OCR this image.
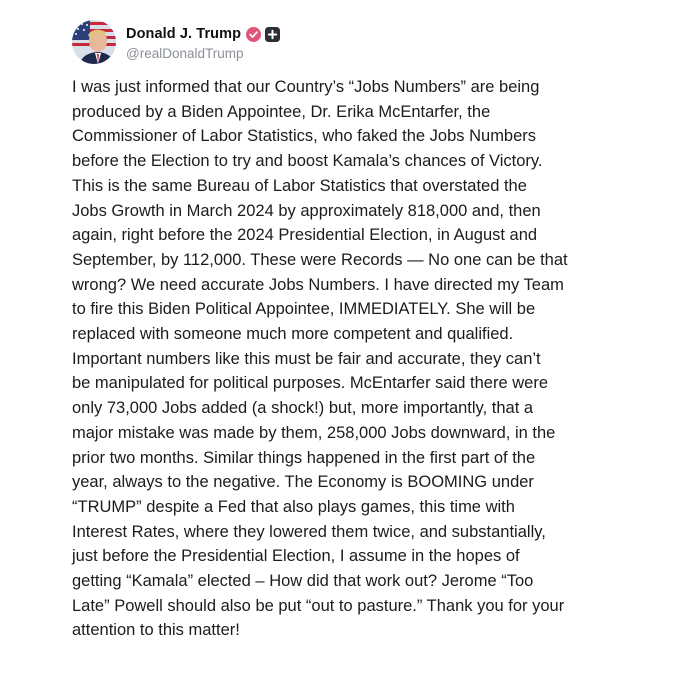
Donald J. Trump
@realDonaldTrump
I was just informed that our Country’s “Jobs Numbers” are being
produced by a Biden Appointee, Dr. Erika McEntarfer, the
Commissioner of Labor Statistics, who faked the Jobs Numbers
before the Election to try and boost Kamala’s chances of Victory.
This is the same Bureau of Labor Statistics that overstated the
Jobs Growth in March 2024 by approximately 818,000 and, then
again, right before the 2024 Presidential Election, in August and
September, by 112,000. These were Records — No one can be that
wrong? We need accurate Jobs Numbers. I have directed my Team
to fire this Biden Political Appointee, IMMEDIATELY. She will be
replaced with someone much more competent and qualified.
Important numbers like this must be fair and accurate, they can’t
be manipulated for political purposes. McEntarfer said there were
only 73,000 Jobs added (a shock!) but, more importantly, that a
major mistake was made by them, 258,000 Jobs downward, in the
prior two months. Similar things happened in the first part of the
year, always to the negative. The Economy is BOOMING under
“TRUMP” despite a Fed that also plays games, this time with
Interest Rates, where they lowered them twice, and substantially,
just before the Presidential Election, I assume in the hopes of
getting “Kamala” elected – How did that work out? Jerome “Too
Late” Powell should also be put “out to pasture.” Thank you for your
attention to this matter!
